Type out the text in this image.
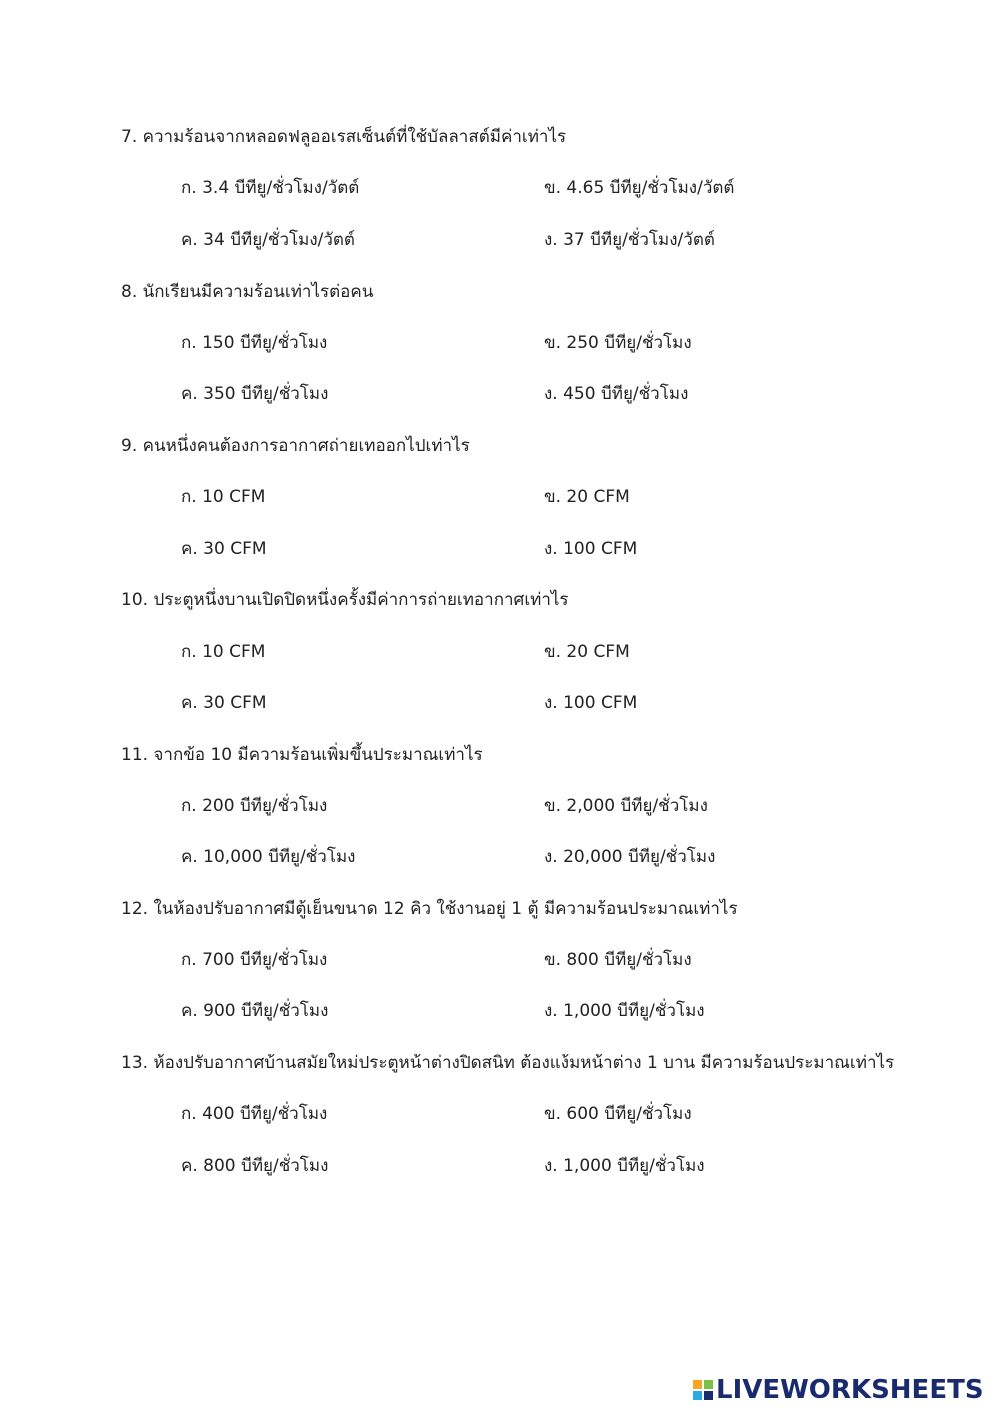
7. ความร้อนจากหลอดฟลูออเรสเซ็นต์ที่ใช้บัลลาสต์มีค่าเท่าไร
ก. 3.4 บีทียู/ชั่วโมง/วัตต์	ข. 4.65 บีทียู/ชั่วโมง/วัตต์
ค. 34 บีทียู/ชั่วโมง/วัตต์	ง. 37 บีทียู/ชั่วโมง/วัตต์
8. นักเรียนมีความร้อนเท่าไรต่อคน
ก. 150 บีทียู/ชั่วโมง	ข. 250 บีทียู/ชั่วโมง
ค. 350 บีทียู/ชั่วโมง	ง. 450 บีทียู/ชั่วโมง
9. คนหนึ่งคนต้องการอากาศถ่ายเทออกไปเท่าไร
ก. 10 CFM	ข. 20 CFM
ค. 30 CFM	ง. 100 CFM
10. ประตูหนึ่งบานเปิดปิดหนึ่งครั้งมีค่าการถ่ายเทอากาศเท่าไร
ก. 10 CFM	ข. 20 CFM
ค. 30 CFM	ง. 100 CFM
11. จากข้อ 10 มีความร้อนเพิ่มขึ้นประมาณเท่าไร
ก. 200 บีทียู/ชั่วโมง	ข. 2,000 บีทียู/ชั่วโมง
ค. 10,000 บีทียู/ชั่วโมง	ง. 20,000 บีทียู/ชั่วโมง
12. ในห้องปรับอากาศมีตู้เย็นขนาด 12 คิว ใช้งานอยู่ 1 ตู้ มีความร้อนประมาณเท่าไร
ก. 700 บีทียู/ชั่วโมง	ข. 800 บีทียู/ชั่วโมง
ค. 900 บีทียู/ชั่วโมง	ง. 1,000 บีทียู/ชั่วโมง
13. ห้องปรับอากาศบ้านสมัยใหม่ประตูหน้าต่างปิดสนิท ต้องแง้มหน้าต่าง 1 บาน มีความร้อนประมาณเท่าไร
ก. 400 บีทียู/ชั่วโมง	ข. 600 บีทียู/ชั่วโมง
ค. 800 บีทียู/ชั่วโมง	ง. 1,000 บีทียู/ชั่วโมง
LIVEWORKSHEETS
